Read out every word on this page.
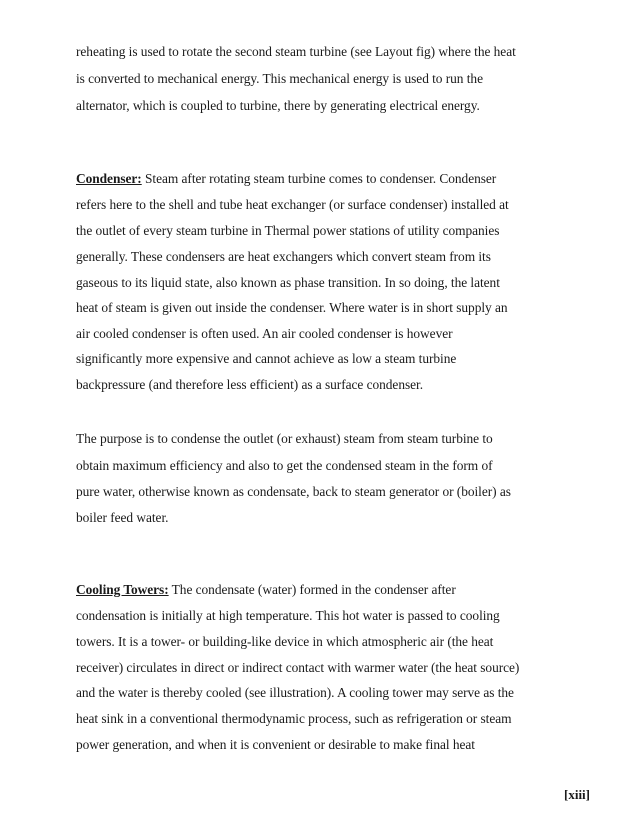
reheating is used to rotate the second steam turbine (see Layout fig) where the heat
is converted to mechanical energy. This mechanical energy is used to run the
alternator, which is coupled to turbine, there by generating electrical energy.
Condenser: Steam after rotating steam turbine comes to condenser. Condenser
refers here to the shell and tube heat exchanger (or surface condenser) installed at
the outlet of every steam turbine in Thermal power stations of utility companies
generally. These condensers are heat exchangers which convert steam from its
gaseous to its liquid state, also known as phase transition. In so doing, the latent
heat of steam is given out inside the condenser. Where water is in short supply an
air cooled condenser is often used. An air cooled condenser is however
significantly more expensive and cannot achieve as low a steam turbine
backpressure (and therefore less efficient) as a surface condenser.
The purpose is to condense the outlet (or exhaust) steam from steam turbine to
obtain maximum efficiency and also to get the condensed steam in the form of
pure water, otherwise known as condensate, back to steam generator or (boiler) as
boiler feed water.
Cooling Towers: The condensate (water) formed in the condenser after
condensation is initially at high temperature. This hot water is passed to cooling
towers. It is a tower- or building-like device in which atmospheric air (the heat
receiver) circulates in direct or indirect contact with warmer water (the heat source)
and the water is thereby cooled (see illustration). A cooling tower may serve as the
heat sink in a conventional thermodynamic process, such as refrigeration or steam
power generation, and when it is convenient or desirable to make final heat
[xiii]
